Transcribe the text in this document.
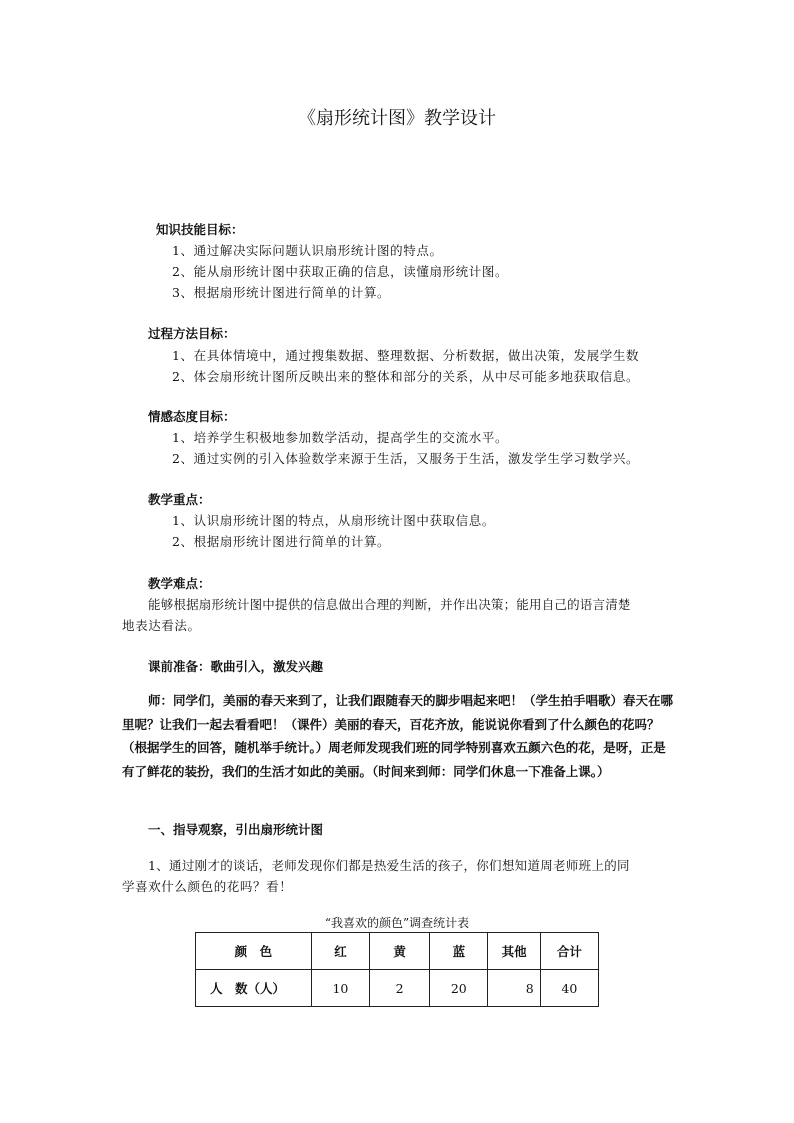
《扇形统计图》教学设计
知识技能目标：
1、通过解决实际问题认识扇形统计图的特点。
2、能从扇形统计图中获取正确的信息，读懂扇形统计图。
3、根据扇形统计图进行简单的计算。
过程方法目标：
1、在具体情境中，通过搜集数据、整理数据、分析数据，做出决策，发展学生数
2、体会扇形统计图所反映出来的整体和部分的关系，从中尽可能多地获取信息。
情感态度目标：
1、培养学生积极地参加数学活动，提高学生的交流水平。
2、通过实例的引入体验数学来源于生活，又服务于生活，激发学生学习数学兴。
教学重点：
1、认识扇形统计图的特点，从扇形统计图中获取信息。
2、根据扇形统计图进行简单的计算。
教学难点：
能够根据扇形统计图中提供的信息做出合理的判断，并作出决策；能用自己的语言清楚
地表达看法。
课前准备：歌曲引入，激发兴趣
师：同学们，美丽的春天来到了，让我们跟随春天的脚步唱起来吧！（学生拍手唱歌）春天在哪里呢？让我们一起去看看吧！（课件）美丽的春天，百花齐放，能说说你看到了什么颜色的花吗？（根据学生的回答，随机举手统计。）周老师发现我们班的同学特别喜欢五颜六色的花，是呀，正是有了鲜花的装扮，我们的生活才如此的美丽。（时间来到师：同学们休息一下准备上课。）
一、指导观察，引出扇形统计图
1、通过刚才的谈话，老师发现你们都是热爱生活的孩子，你们想知道周老师班上的同
学喜欢什么颜色的花吗？看！
“我喜欢的颜色”调查统计表
颜　色	红	黄	蓝	其他	合计
人　数（人）	10	2	20	8	40
